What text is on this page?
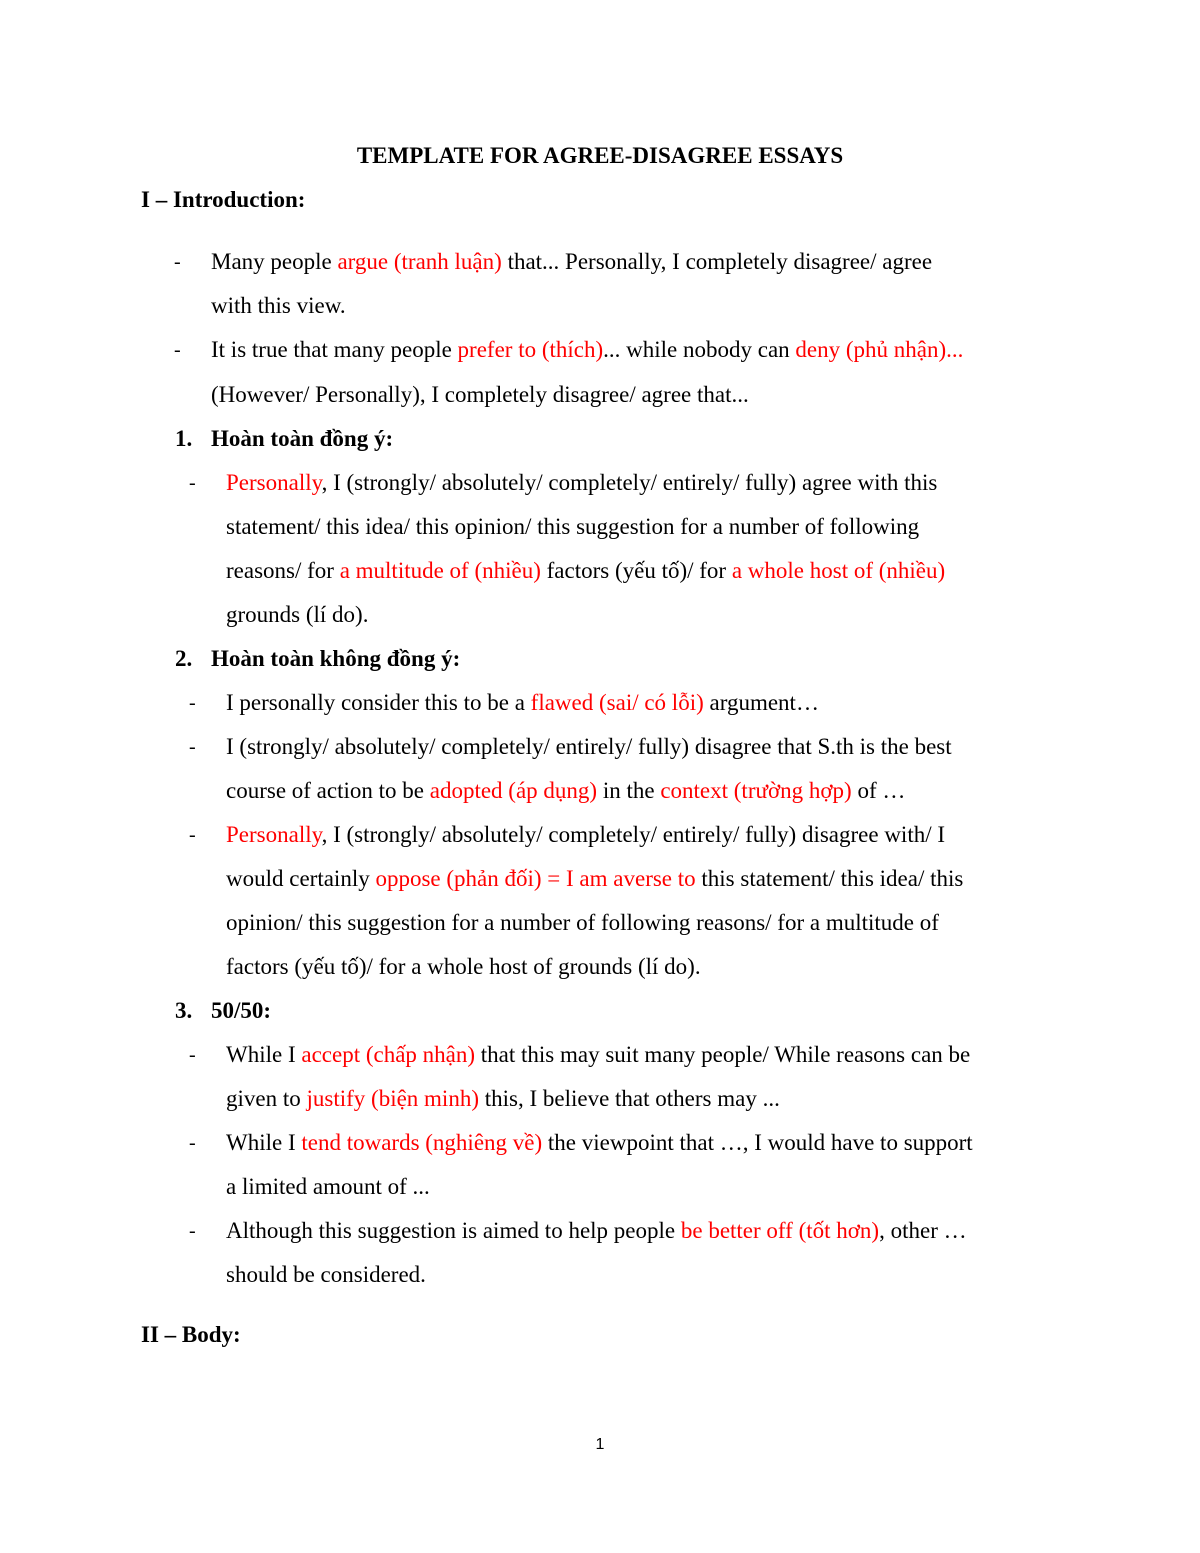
TEMPLATE FOR AGREE-DISAGREE ESSAYS
I – Introduction:
- Many people argue (tranh luận) that... Personally, I completely disagree/ agree
with this view.
- It is true that many people prefer to (thích)... while nobody can deny (phủ nhận)...
(However/ Personally), I completely disagree/ agree that...
1. Hoàn toàn đồng ý:
- Personally, I (strongly/ absolutely/ completely/ entirely/ fully) agree with this
statement/ this idea/ this opinion/ this suggestion for a number of following
reasons/ for a multitude of (nhiều) factors (yếu tố)/ for a whole host of (nhiều)
grounds (lí do).
2. Hoàn toàn không đồng ý:
- I personally consider this to be a flawed (sai/ có lỗi) argument…
- I (strongly/ absolutely/ completely/ entirely/ fully) disagree that S.th is the best
course of action to be adopted (áp dụng) in the context (trường hợp) of …
- Personally, I (strongly/ absolutely/ completely/ entirely/ fully) disagree with/ I
would certainly oppose (phản đối) = I am averse to this statement/ this idea/ this
opinion/ this suggestion for a number of following reasons/ for a multitude of
factors (yếu tố)/ for a whole host of grounds (lí do).
3. 50/50:
- While I accept (chấp nhận) that this may suit many people/ While reasons can be
given to justify (biện minh) this, I believe that others may ...
- While I tend towards (nghiêng về) the viewpoint that …, I would have to support
a limited amount of ...
- Although this suggestion is aimed to help people be better off (tốt hơn), other …
should be considered.
II – Body:
1
